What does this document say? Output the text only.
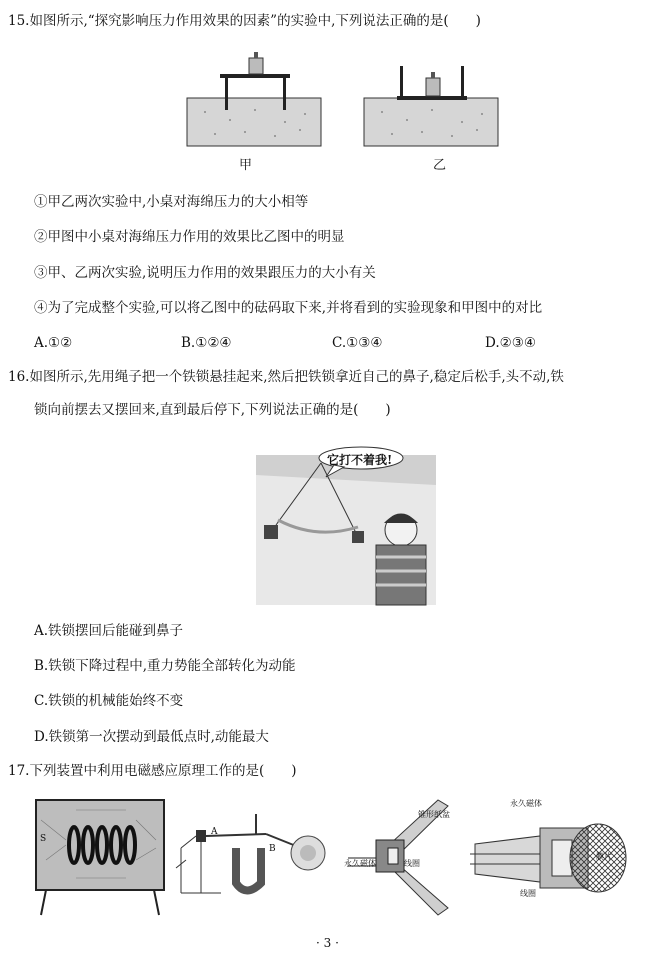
15.如图所示,“探究影响压力作用效果的因素”的实验中,下列说法正确的是(　　)
甲	乙
①甲乙两次实验中,小桌对海绵压力的大小相等
②甲图中小桌对海绵压力作用的效果比乙图中的明显
③甲、乙两次实验,说明压力作用的效果跟压力的大小有关
④为了完成整个实验,可以将乙图中的砝码取下来,并将看到的实验现象和甲图中的对比
A.①②	B.①②④	C.①③④	D.②③④
16.如图所示,先用绳子把一个铁锁悬挂起来,然后把铁锁拿近自己的鼻子,稳定后松手,头不动,铁
锁向前摆去又摆回来,直到最后停下,下列说法正确的是(　　)
它打不着我!
A.铁锁摆回后能碰到鼻子
B.铁锁下降过程中,重力势能全部转化为动能
C.铁锁的机械能始终不变
D.铁锁第一次摆动到最低点时,动能最大
17.下列装置中利用电磁感应原理工作的是(　　)
S
A
B
锥形纸盆
永久磁体	线圈
永久磁体
线圈
膜片
· 3 ·
